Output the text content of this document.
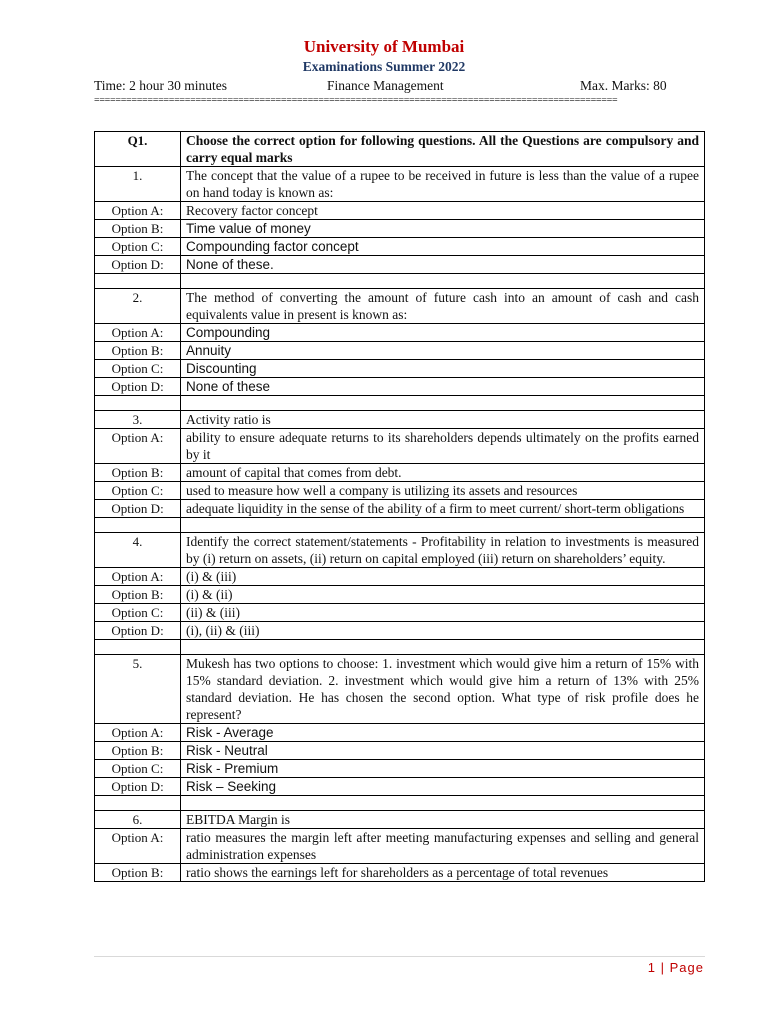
University of Mumbai
Examinations Summer 2022
Time: 2 hour 30 minutes	Finance Management	Max. Marks: 80
==================================================================================================
Q1.	Choose the correct option for following questions. All the Questions are compulsory and carry equal marks
1.	The concept that the value of a rupee to be received in future is less than the value of a rupee on hand today is known as:
Option A:	Recovery factor concept
Option B:	Time value of money
Option C:	Compounding factor concept
Option D:	None of these.

2.	The method of converting the amount of future cash into an amount of cash and cash equivalents value in present is known as:
Option A:	Compounding
Option B:	Annuity
Option C:	Discounting
Option D:	None of these

3.	Activity ratio is
Option A:	ability to ensure adequate returns to its shareholders depends ultimately on the profits earned by it
Option B:	amount of capital that comes from debt.
Option C:	used to measure how well a company is utilizing its assets and resources
Option D:	adequate liquidity in the sense of the ability of a firm to meet current/ short-term obligations

4.	Identify the correct statement/statements - Profitability in relation to investments is measured by (i) return on assets, (ii) return on capital employed (iii) return on shareholders’ equity.
Option A:	(i) & (iii)
Option B:	(i) & (ii)
Option C:	(ii) & (iii)
Option D:	(i), (ii) & (iii)

5.	Mukesh has two options to choose: 1. investment which would give him a return of 15% with 15% standard deviation. 2. investment which would give him a return of 13% with 25% standard deviation. He has chosen the second option. What type of risk profile does he represent?
Option A:	Risk - Average
Option B:	Risk - Neutral
Option C:	Risk - Premium
Option D:	Risk – Seeking

6.	EBITDA Margin is
Option A:	ratio measures the margin left after meeting manufacturing expenses and selling and general administration expenses
Option B:	ratio shows the earnings left for shareholders as a percentage of total revenues
1 | Page
